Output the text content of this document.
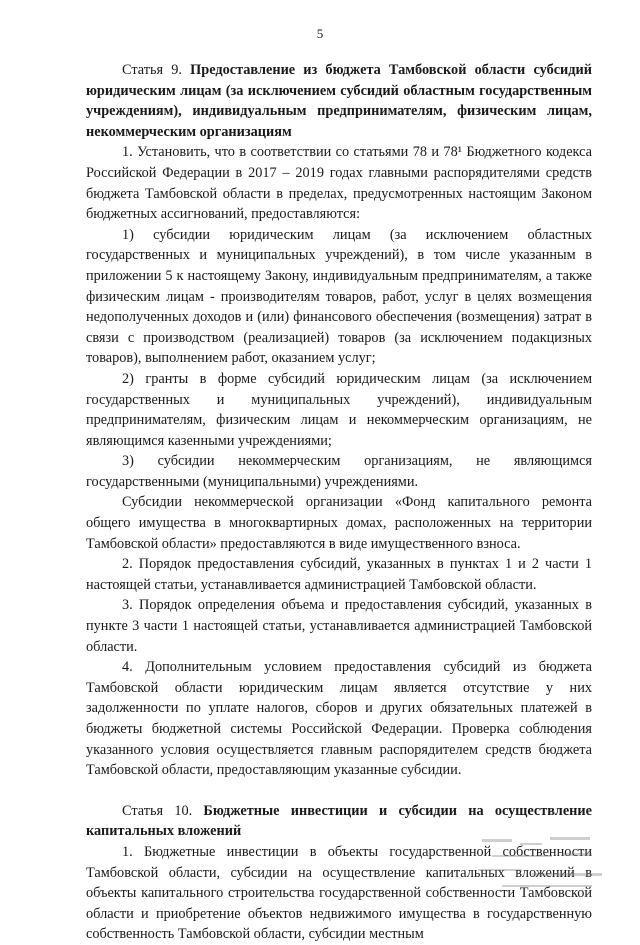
5

Статья 9. Предоставление из бюджета Тамбовской области субсидий юридическим лицам (за исключением субсидий областным государственным учреждениям), индивидуальным предпринимателям, физическим лицам, некоммерческим организациям

1. Установить, что в соответствии со статьями 78 и 78¹ Бюджетного кодекса Российской Федерации в 2017 – 2019 годах главными распорядителями средств бюджета Тамбовской области в пределах, предусмотренных настоящим Законом бюджетных ассигнований, предоставляются:

1) субсидии юридическим лицам (за исключением областных государственных и муниципальных учреждений), в том числе указанным в приложении 5 к настоящему Закону, индивидуальным предпринимателям, а также физическим лицам - производителям товаров, работ, услуг в целях возмещения недополученных доходов и (или) финансового обеспечения (возмещения) затрат в связи с производством (реализацией) товаров (за исключением подакцизных товаров), выполнением работ, оказанием услуг;

2) гранты в форме субсидий юридическим лицам (за исключением государственных и муниципальных учреждений), индивидуальным предпринимателям, физическим лицам и некоммерческим организациям, не являющимся казенными учреждениями;

3) субсидии некоммерческим организациям, не являющимся государственными (муниципальными) учреждениями.

Субсидии некоммерческой организации «Фонд капитального ремонта общего имущества в многоквартирных домах, расположенных на территории Тамбовской области» предоставляются в виде имущественного взноса.

2. Порядок предоставления субсидий, указанных в пунктах 1 и 2 части 1 настоящей статьи, устанавливается администрацией Тамбовской области.

3. Порядок определения объема и предоставления субсидий, указанных в пункте 3 части 1 настоящей статьи, устанавливается администрацией Тамбовской области.

4. Дополнительным условием предоставления субсидий из бюджета Тамбовской области юридическим лицам является отсутствие у них задолженности по уплате налогов, сборов и других обязательных платежей в бюджеты бюджетной системы Российской Федерации. Проверка соблюдения указанного условия осуществляется главным распорядителем средств бюджета Тамбовской области, предоставляющим указанные субсидии.

Статья 10. Бюджетные инвестиции и субсидии на осуществление капитальных вложений

1. Бюджетные инвестиции в объекты государственной собственности Тамбовской области, субсидии на осуществление капитальных вложений в объекты капитального строительства государственной собственности Тамбовской области и приобретение объектов недвижимого имущества в государственную собственность Тамбовской области, субсидии местным
